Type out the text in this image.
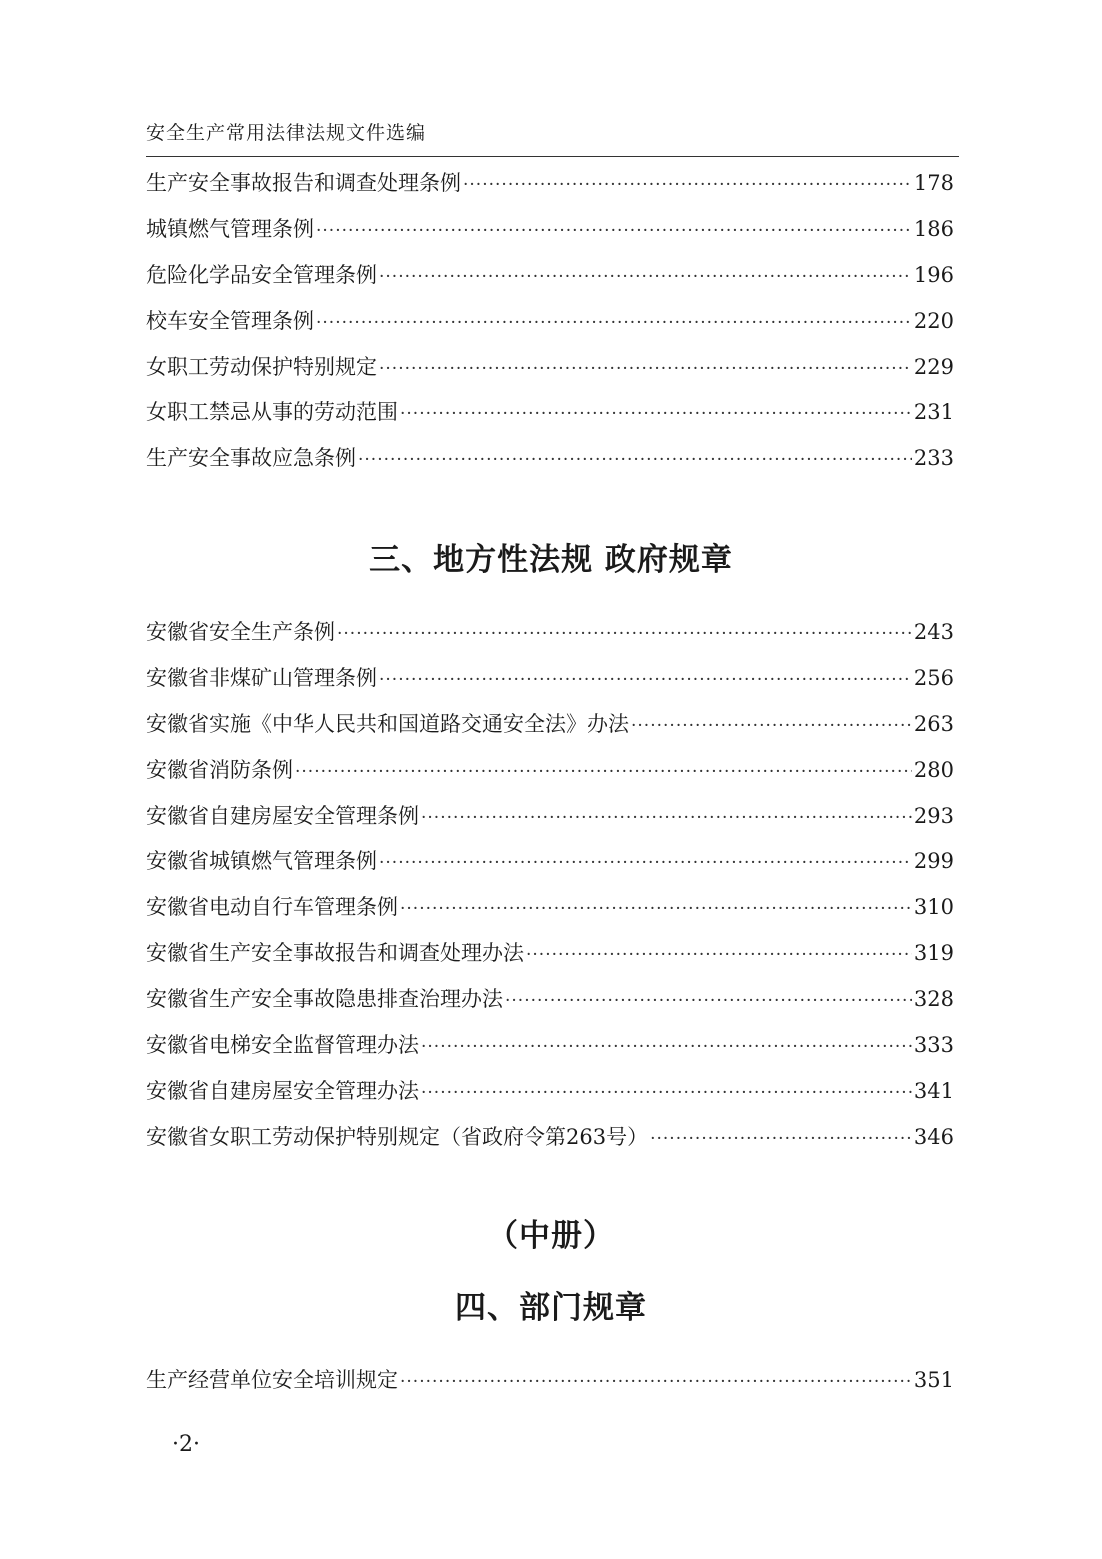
安全生产常用法律法规文件选编
生产安全事故报告和调查处理条例 ·····	178
城镇燃气管理条例 ·····	186
危险化学品安全管理条例 ·····	196
校车安全管理条例 ·····	220
女职工劳动保护特别规定 ·····	229
女职工禁忌从事的劳动范围 ·····	231
生产安全事故应急条例 ·····	233
三、地方性法规 政府规章
安徽省安全生产条例 ·····	243
安徽省非煤矿山管理条例 ·····	256
安徽省实施《中华人民共和国道路交通安全法》办法 ·····	263
安徽省消防条例 ·····	280
安徽省自建房屋安全管理条例 ·····	293
安徽省城镇燃气管理条例 ·····	299
安徽省电动自行车管理条例 ·····	310
安徽省生产安全事故报告和调查处理办法 ·····	319
安徽省生产安全事故隐患排查治理办法 ·····	328
安徽省电梯安全监督管理办法 ·····	333
安徽省自建房屋安全管理办法 ·····	341
安徽省女职工劳动保护特别规定（省政府令第263号） ·····	346
（中册）
四、部门规章
生产经营单位安全培训规定 ·····	351
·2·
